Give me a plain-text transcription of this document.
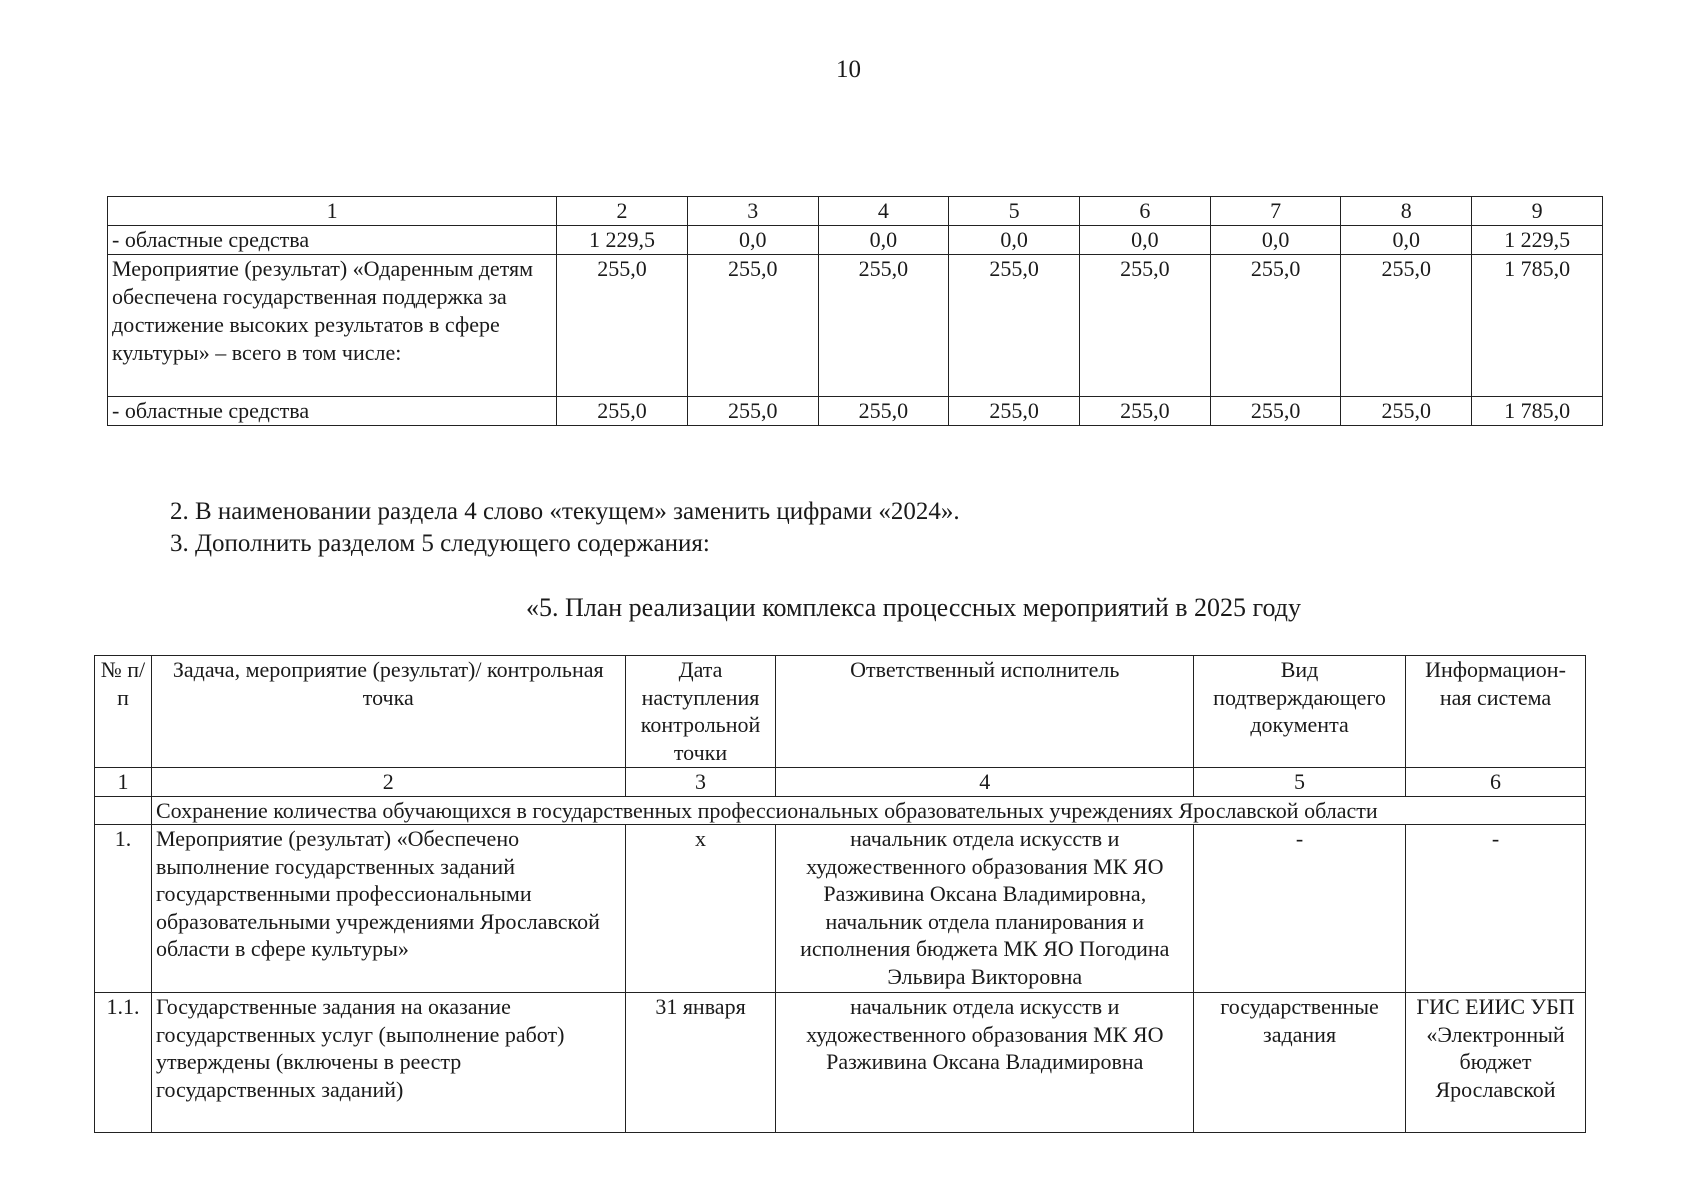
10
1	2	3	4	5	6	7	8	9
- областные средства	1 229,5	0,0	0,0	0,0	0,0	0,0	0,0	1 229,5
Мероприятие (результат) «Одаренным детям обеспечена государственная поддержка за достижение высоких результатов в сфере культуры» – всего в том числе:	255,0	255,0	255,0	255,0	255,0	255,0	255,0	1 785,0
- областные средства	255,0	255,0	255,0	255,0	255,0	255,0	255,0	1 785,0
2. В наименовании раздела 4 слово «текущем» заменить цифрами «2024».
3. Дополнить разделом 5 следующего содержания:
«5. План реализации комплекса процессных мероприятий в 2025 году
№ п/п	Задача, мероприятие (результат)/ контрольная точка	Дата наступления контрольной точки	Ответственный исполнитель	Вид подтверждающего документа	Информацион-ная система
1	2	3	4	5	6
	Сохранение количества обучающихся в государственных профессиональных образовательных учреждениях Ярославской области				
1.	Мероприятие (результат) «Обеспечено выполнение государственных заданий государственными профессиональными образовательными учреждениями Ярославской области в сфере культуры»	х	начальник отдела искусств и художественного образования МК ЯО Разживина Оксана Владимировна, начальник отдела планирования и исполнения бюджета МК ЯО Погодина Эльвира Викторовна	-	-
1.1.	Государственные задания на оказание государственных услуг (выполнение работ) утверждены (включены в реестр государственных заданий)	31 января	начальник отдела искусств и художественного образования МК ЯО Разживина Оксана Владимировна	государственные задания	ГИС ЕИИС УБП «Электронный бюджет Ярославской
